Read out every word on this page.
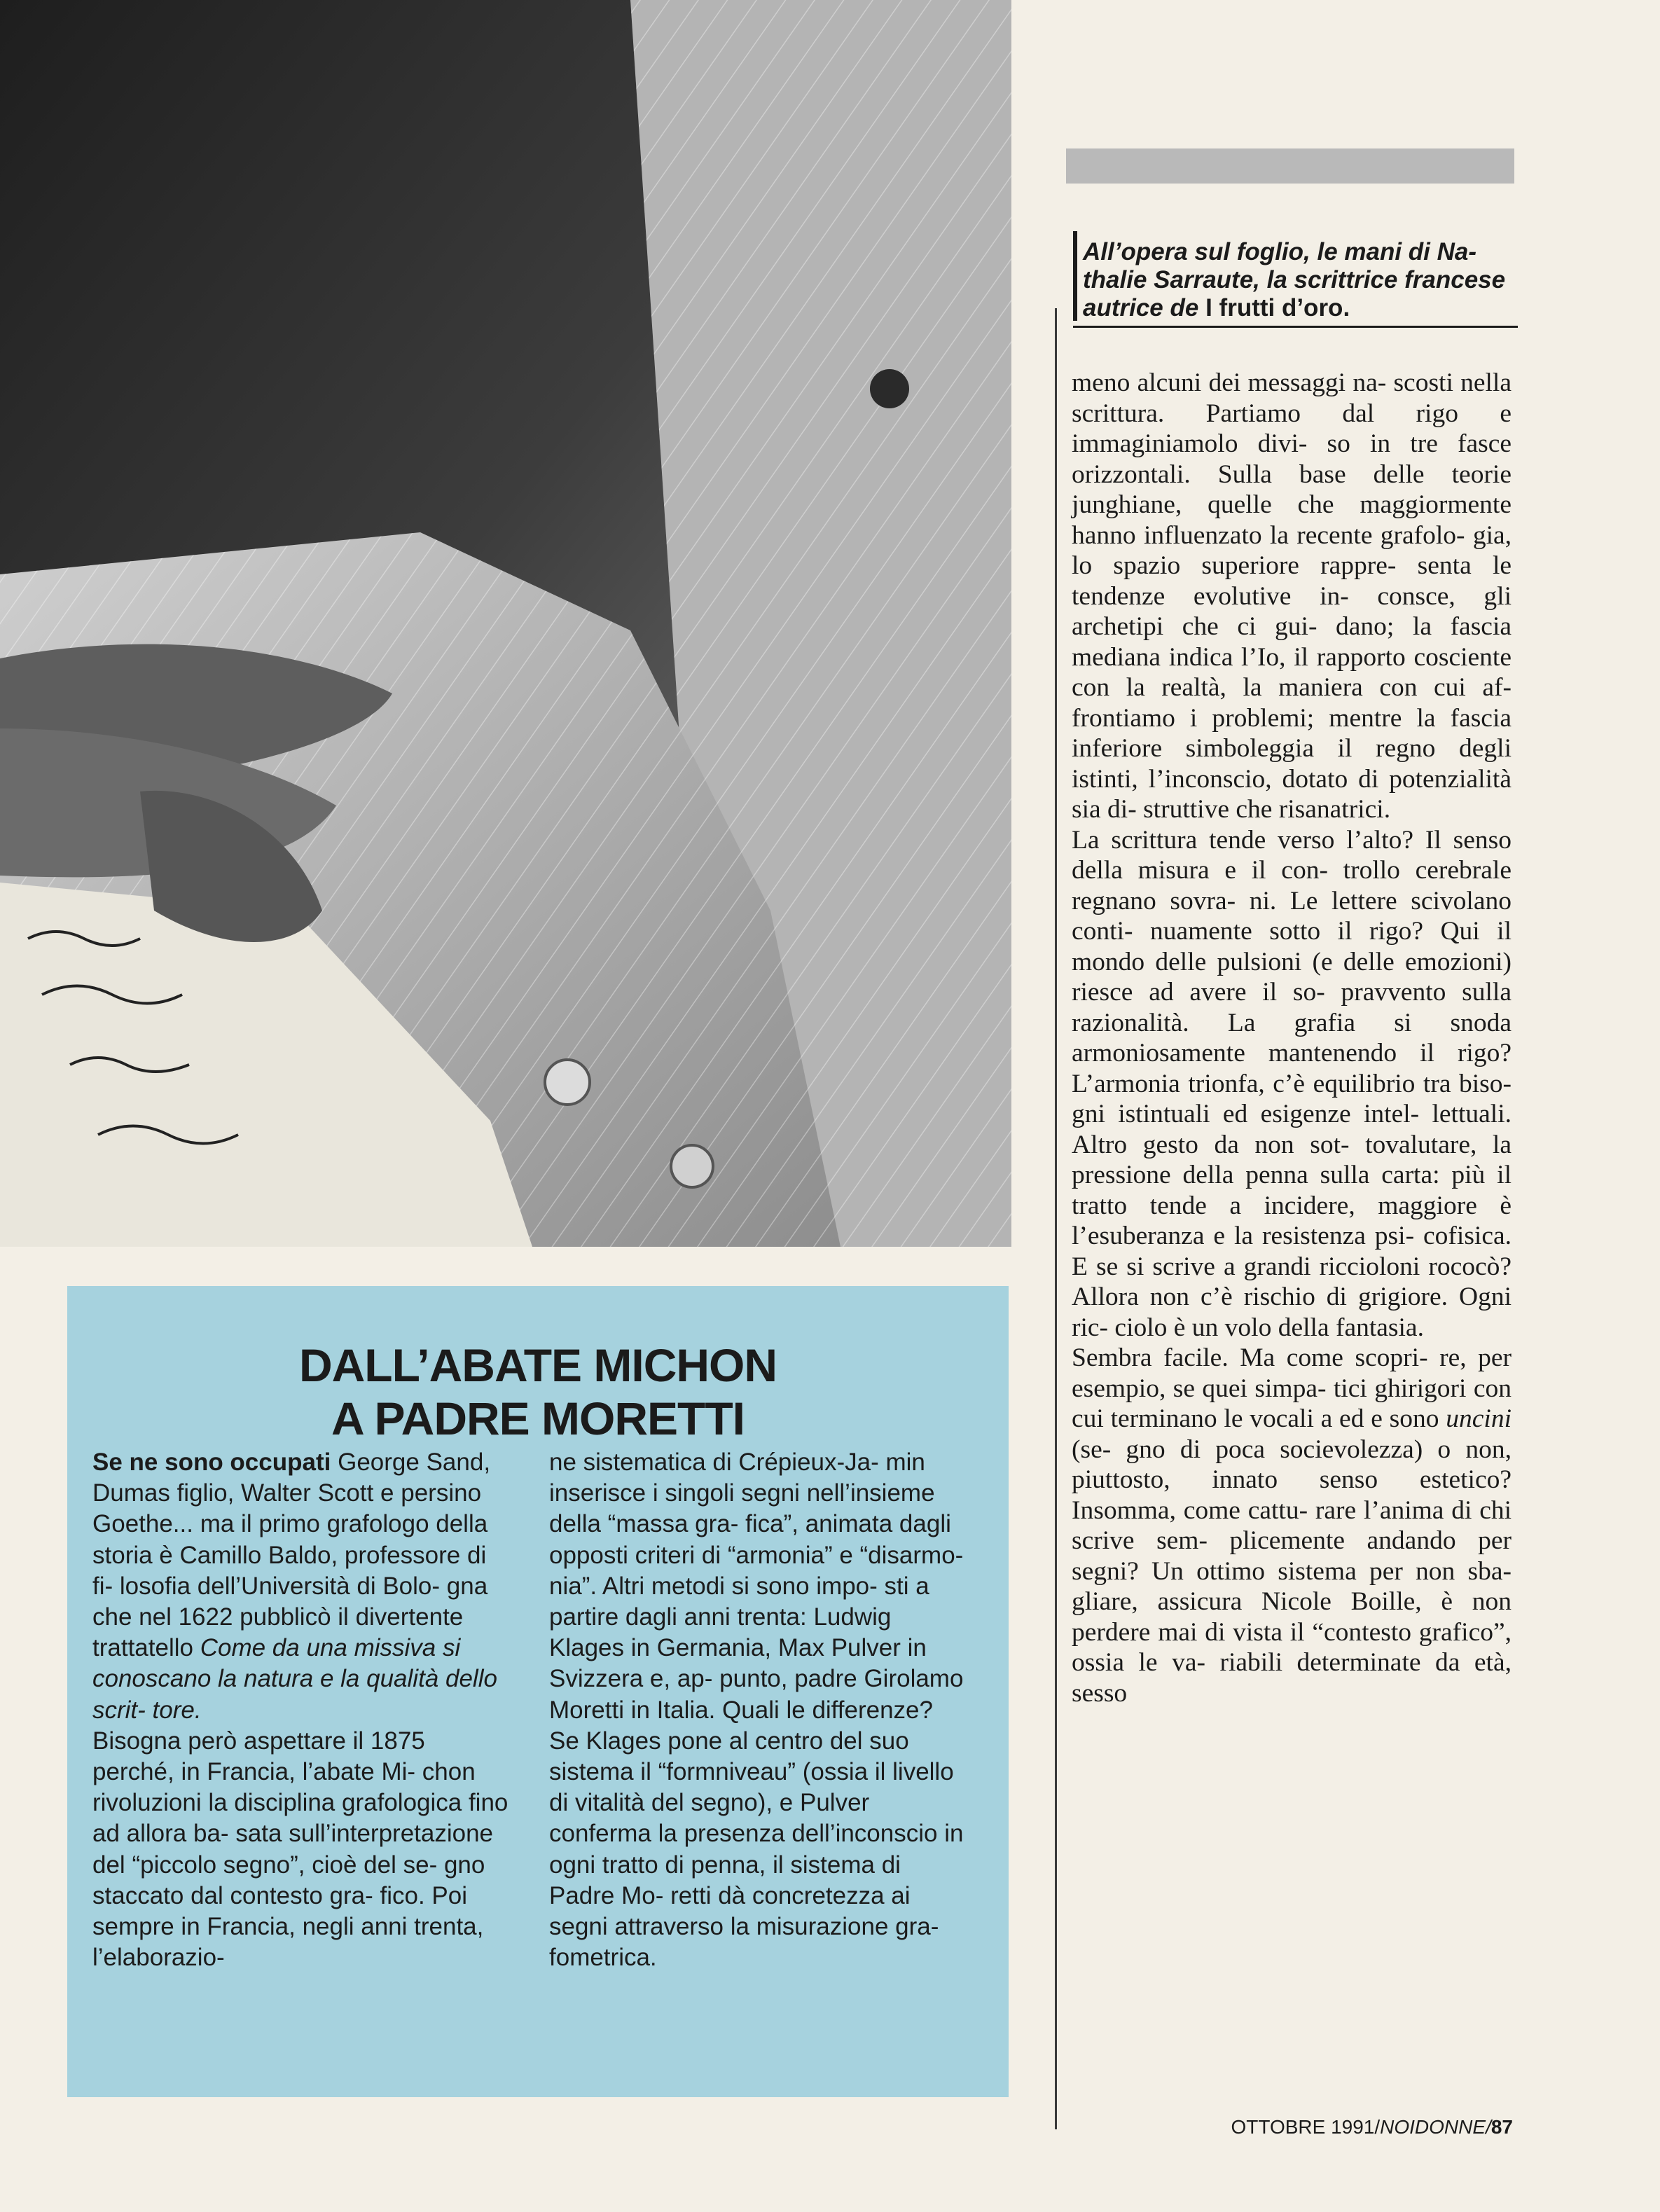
All’opera sul foglio, le mani di Nathalie Sarraute, la scrittrice francese autrice de I frutti d’oro.

meno alcuni dei messaggi na- scosti nella scrittura. Partiamo dal rigo e immaginiamolo divi- so in tre fasce orizzontali. Sulla base delle teorie junghiane, quelle che maggiormente hanno influenzato la recente grafolo- gia, lo spazio superiore rappre- senta le tendenze evolutive in- consce, gli archetipi che ci gui- dano; la fascia mediana indica l’Io, il rapporto cosciente con la realtà, la maniera con cui af- frontiamo i problemi; mentre la fascia inferiore simboleggia il regno degli istinti, l’inconscio, dotato di potenzialità sia di- struttive che risanatrici.

La scrittura tende verso l’alto? Il senso della misura e il con- trollo cerebrale regnano sovra- ni. Le lettere scivolano conti- nuamente sotto il rigo? Qui il mondo delle pulsioni (e delle emozioni) riesce ad avere il so- pravvento sulla razionalità. La grafia si snoda armoniosamente mantenendo il rigo? L’armonia trionfa, c’è equilibrio tra biso- gni istintuali ed esigenze intel- lettuali. Altro gesto da non sot- tovalutare, la pressione della penna sulla carta: più il tratto tende a incidere, maggiore è l’esuberanza e la resistenza psi- cofisica. E se si scrive a grandi riccioloni rococò? Allora non c’è rischio di grigiore. Ogni ric- ciolo è un volo della fantasia.

Sembra facile. Ma come scopri- re, per esempio, se quei simpa- tici ghirigori con cui terminano le vocali a ed e sono uncini (se- gno di poca socievolezza) o non, piuttosto, innato senso estetico? Insomma, come cattu- rare l’anima di chi scrive sem- plicemente andando per segni? Un ottimo sistema per non sba- gliare, assicura Nicole Boille, è non perdere mai di vista il “contesto grafico”, ossia le va- riabili determinate da età, sesso

DALL’ABATE MICHON
A PADRE MORETTI

Se ne sono occupati George Sand, Dumas figlio, Walter Scott e persino Goethe... ma il primo grafologo della storia è Camillo Baldo, professore di fi- losofia dell’Università di Bolo- gna che nel 1622 pubblicò il divertente trattatello Come da una missiva si conoscano la natura e la qualità dello scrit- tore.

Bisogna però aspettare il 1875 perché, in Francia, l’abate Mi- chon rivoluzioni la disciplina grafologica fino ad allora ba- sata sull’interpretazione del “piccolo segno”, cioè del se- gno staccato dal contesto gra- fico. Poi sempre in Francia, negli anni trenta, l’elaborazio-

ne sistematica di Crépieux-Ja- min inserisce i singoli segni nell’insieme della “massa gra- fica”, animata dagli opposti criteri di “armonia” e “disarmo- nia”. Altri metodi si sono impo- sti a partire dagli anni trenta: Ludwig Klages in Germania, Max Pulver in Svizzera e, ap- punto, padre Girolamo Moretti in Italia. Quali le differenze? Se Klages pone al centro del suo sistema il “formniveau” (ossia il livello di vitalità del segno), e Pulver conferma la presenza dell’inconscio in ogni tratto di penna, il sistema di Padre Mo- retti dà concretezza ai segni attraverso la misurazione gra- fometrica.

OTTOBRE 1991/NOIDONNE/87
